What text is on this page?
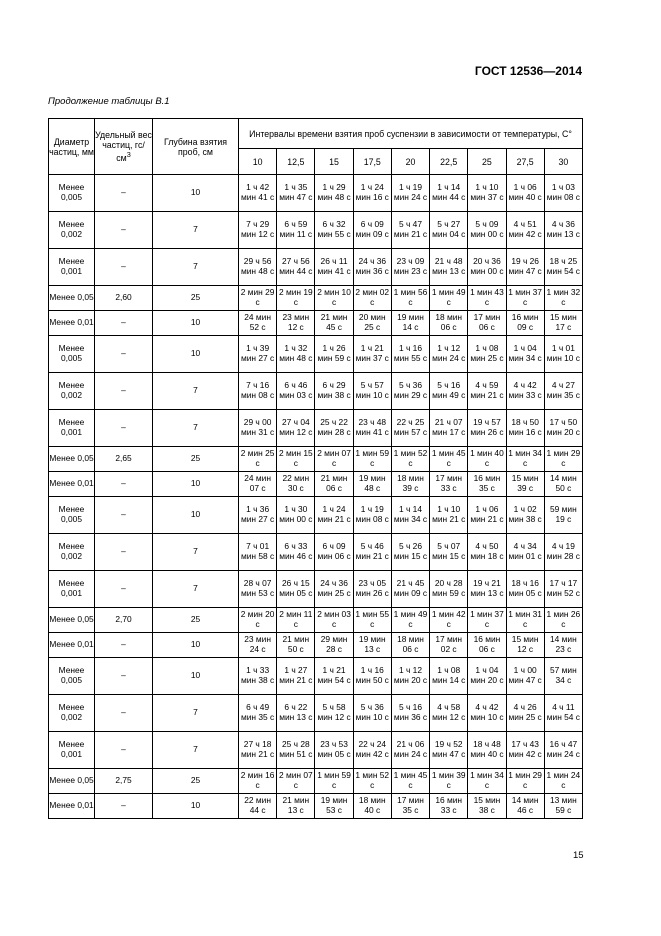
ГОСТ 12536—2014
Продолжение таблицы В.1
Диаметр частиц, мм	Удельный вес частиц, $гс/см^3$	Глубина взятия проб, см	Интервалы времени взятия проб суспензии в зависимости от температуры, С°								
			10	12,5	15	17,5	20	22,5	25	27,5	30
Менее 0,005	–	10	1 ч 42 мин 41 с	1 ч 35 мин 47 с	1 ч 29 мин 48 с	1 ч 24 мин 16 с	1 ч 19 мин 24 с	1 ч 14 мин 44 с	1 ч 10 мин 37 с	1 ч 06 мин 40 с	1 ч 03 мин 08 с
Менее 0,002	–	7	7 ч 29 мин 12 с	6 ч 59 мин 11 с	6 ч 32 мин 55 с	6 ч 09 мин 09 с	5 ч 47 мин 21 с	5 ч 27 мин 04 с	5 ч 09 мин 00 с	4 ч 51 мин 42 с	4 ч 36 мин 13 с
Менее 0,001	–	7	29 ч 56 мин 48 с	27 ч 56 мин 44 с	26 ч 11 мин 41 с	24 ч 36 мин 36 с	23 ч 09 мин 23 с	21 ч 48 мин 13 с	20 ч 36 мин 00 с	19 ч 26 мин 47 с	18 ч 25 мин 54 с
Менее 0,05	2,60	25	2 мин 29 с	2 мин 19 с	2 мин 10 с	2 мин 02 с	1 мин 56 с	1 мин 49 с	1 мин 43 с	1 мин 37 с	1 мин 32 с
Менее 0,01	–	10	24 мин 52 с	23 мин 12 с	21 мин 45 с	20 мин 25 с	19 мин 14 с	18 мин 06 с	17 мин 06 с	16 мин 09 с	15 мин 17 с
Менее 0,005	–	10	1 ч 39 мин 27 с	1 ч 32 мин 48 с	1 ч 26 мин 59 с	1 ч 21 мин 37 с	1 ч 16 мин 55 с	1 ч 12 мин 24 с	1 ч 08 мин 25 с	1 ч 04 мин 34 с	1 ч 01 мин 10 с
Менее 0,002	–	7	7 ч 16 мин 08 с	6 ч 46 мин 03 с	6 ч 29 мин 38 с	5 ч 57 мин 10 с	5 ч 36 мин 29 с	5 ч 16 мин 49 с	4 ч 59 мин 21 с	4 ч 42 мин 33 с	4 ч 27 мин 35 с
Менее 0,001	–	7	29 ч 00 мин 31 с	27 ч 04 мин 12 с	25 ч 22 мин 28 с	23 ч 48 мин 41 с	22 ч 25 мин 57 с	21 ч 07 мин 17 с	19 ч 57 мин 26 с	18 ч 50 мин 16 с	17 ч 50 мин 20 с
Менее 0,05	2,65	25	2 мин 25 с	2 мин 15 с	2 мин 07 с	1 мин 59 с	1 мин 52 с	1 мин 45 с	1 мин 40 с	1 мин 34 с	1 мин 29 с
Менее 0,01	–	10	24 мин 07 с	22 мин 30 с	21 мин 06 с	19 мин 48 с	18 мин 39 с	17 мин 33 с	16 мин 35 с	15 мин 39 с	14 мин 50 с
Менее 0,005	–	10	1 ч 36 мин 27 с	1 ч 30 мин 00 с	1 ч 24 мин 21 с	1 ч 19 мин 08 с	1 ч 14 мин 34 с	1 ч 10 мин 21 с	1 ч 06 мин 21 с	1 ч 02 мин 38 с	59 мин 19 с
Менее 0,002	–	7	7 ч 01 мин 58 с	6 ч 33 мин 46 с	6 ч 09 мин 06 с	5 ч 46 мин 21 с	5 ч 26 мин 15 с	5 ч 07 мин 15 с	4 ч 50 мин 18 с	4 ч 34 мин 01 с	4 ч 19 мин 28 с
Менее 0,001	–	7	28 ч 07 мин 53 с	26 ч 15 мин 05 с	24 ч 36 мин 25 с	23 ч 05 мин 26 с	21 ч 45 мин 09 с	20 ч 28 мин 59 с	19 ч 21 мин 13 с	18 ч 16 мин 05 с	17 ч 17 мин 52 с
Менее 0,05	2,70	25	2 мин 20 с	2 мин 11 с	2 мин 03 с	1 мин 55 с	1 мин 49 с	1 мин 42 с	1 мин 37 с	1 мин 31 с	1 мин 26 с
Менее 0,01	–	10	23 мин 24 с	21 мин 50 с	29 мин 28 с	19 мин 13 с	18 мин 06 с	17 мин 02 с	16 мин 06 с	15 мин 12 с	14 мин 23 с
Менее 0,005	–	10	1 ч 33 мин 38 с	1 ч 27 мин 21 с	1 ч 21 мин 54 с	1 ч 16 мин 50 с	1 ч 12 мин 20 с	1 ч 08 мин 14 с	1 ч 04 мин 20 с	1 ч 00 мин 47 с	57 мин 34 с
Менее 0,002	–	7	6 ч 49 мин 35 с	6 ч 22 мин 13 с	5 ч 58 мин 12 с	5 ч 36 мин 10 с	5 ч 16 мин 36 с	4 ч 58 мин 12 с	4 ч 42 мин 10 с	4 ч 26 мин 25 с	4 ч 11 мин 54 с
Менее 0,001	–	7	27 ч 18 мин 21 с	25 ч 28 мин 51 с	23 ч 53 мин 05 с	22 ч 24 мин 42 с	21 ч 06 мин 24 с	19 ч 52 мин 47 с	18 ч 48 мин 40 с	17 ч 43 мин 42 с	16 ч 47 мин 24 с
Менее 0,05	2,75	25	2 мин 16 с	2 мин 07 с	1 мин 59 с	1 мин 52 с	1 мин 45 с	1 мин 39 с	1 мин 34 с	1 мин 29 с	1 мин 24 с
Менее 0,01	–	10	22 мин 44 с	21 мин 13 с	19 мин 53 с	18 мин 40 с	17 мин 35 с	16 мин 33 с	15 мин 38 с	14 мин 46 с	13 мин 59 с
15
